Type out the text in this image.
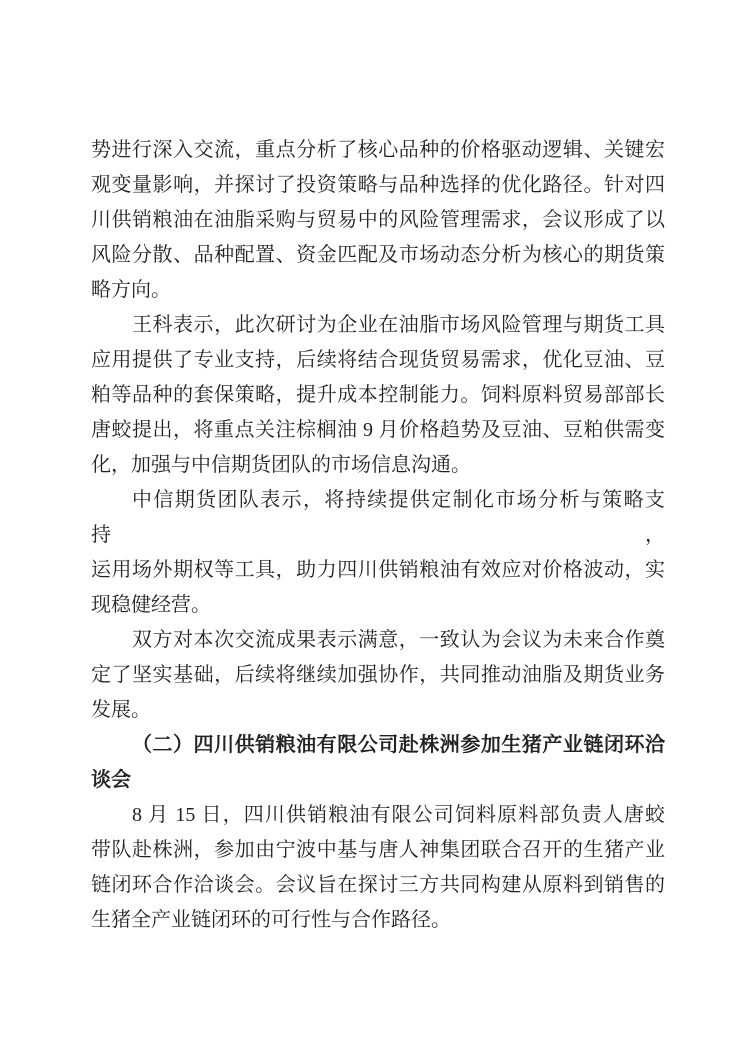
势进行深入交流，重点分析了核心品种的价格驱动逻辑、关键宏
观变量影响，并探讨了投资策略与品种选择的优化路径。针对四
川供销粮油在油脂采购与贸易中的风险管理需求，会议形成了以
风险分散、品种配置、资金匹配及市场动态分析为核心的期货策
略方向。
王科表示，此次研讨为企业在油脂市场风险管理与期货工具
应用提供了专业支持，后续将结合现货贸易需求，优化豆油、豆
粕等品种的套保策略，提升成本控制能力。饲料原料贸易部部长
唐蛟提出，将重点关注棕榈油 9 月价格趋势及豆油、豆粕供需变
化，加强与中信期货团队的市场信息沟通。
中信期货团队表示，将持续提供定制化市场分析与策略支持，
运用场外期权等工具，助力四川供销粮油有效应对价格波动，实
现稳健经营。
双方对本次交流成果表示满意，一致认为会议为未来合作奠
定了坚实基础，后续将继续加强协作，共同推动油脂及期货业务
发展。
（二）四川供销粮油有限公司赴株洲参加生猪产业链闭环洽
谈会
8 月 15 日，四川供销粮油有限公司饲料原料部负责人唐蛟
带队赴株洲，参加由宁波中基与唐人神集团联合召开的生猪产业
链闭环合作洽谈会。会议旨在探讨三方共同构建从原料到销售的
生猪全产业链闭环的可行性与合作路径。
